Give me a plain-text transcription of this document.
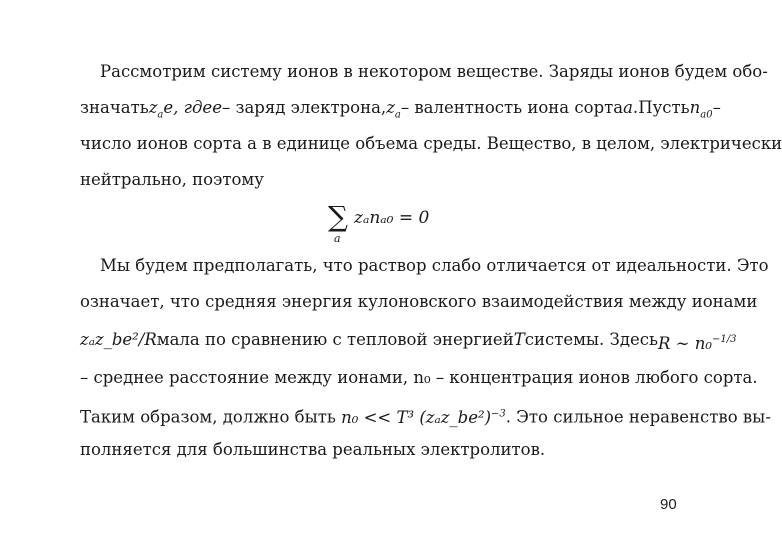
Рассмотрим систему ионов в некотором веществе. Заряды ионов будем обо-
значать $z_ae$, где e – заряд электрона, $z_a$ – валентность иона сорта a. Пусть $n_{a0}$ –
число ионов сорта a в единице объема среды. Вещество, в целом, электрически
нейтрально, поэтому
∑
a
zₐnₐ₀ = 0
Мы будем предполагать, что раствор слабо отличается от идеальности. Это
означает, что средняя энергия кулоновского взаимодействия между ионами
zₐz_be²/R мала по сравнению с тепловой энергией T системы. Здесь R ∼ n₀$^{-1/3}$
– среднее расстояние между ионами, n₀ – концентрация ионов любого сорта.
Таким образом, должно быть n₀ << T³ (zₐz_be²)$^{-3}$. Это сильное неравенство вы-
полняется для большинства реальных электролитов.
90
